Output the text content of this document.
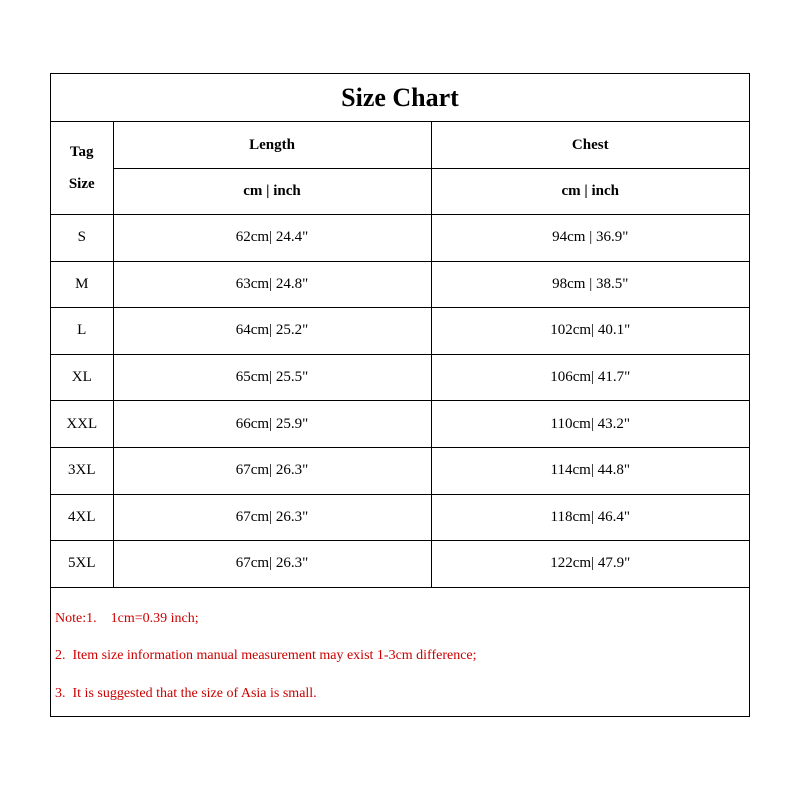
Size Chart
Tag
Size	Length	Chest
	cm | inch	cm | inch
S	62cm| 24.4"	94cm | 36.9"
M	63cm| 24.8"	98cm | 38.5"
L	64cm| 25.2"	102cm| 40.1"
XL	65cm| 25.5"	106cm| 41.7"
XXL	66cm| 25.9"	110cm| 43.2"
3XL	67cm| 26.3"	114cm| 44.8"
4XL	67cm| 26.3"	118cm| 46.4"
5XL	67cm| 26.3"	122cm| 47.9"
Note:1.    1cm=0.39 inch;
2.  Item size information manual measurement may exist 1-3cm difference;
3.  It is suggested that the size of Asia is small.
